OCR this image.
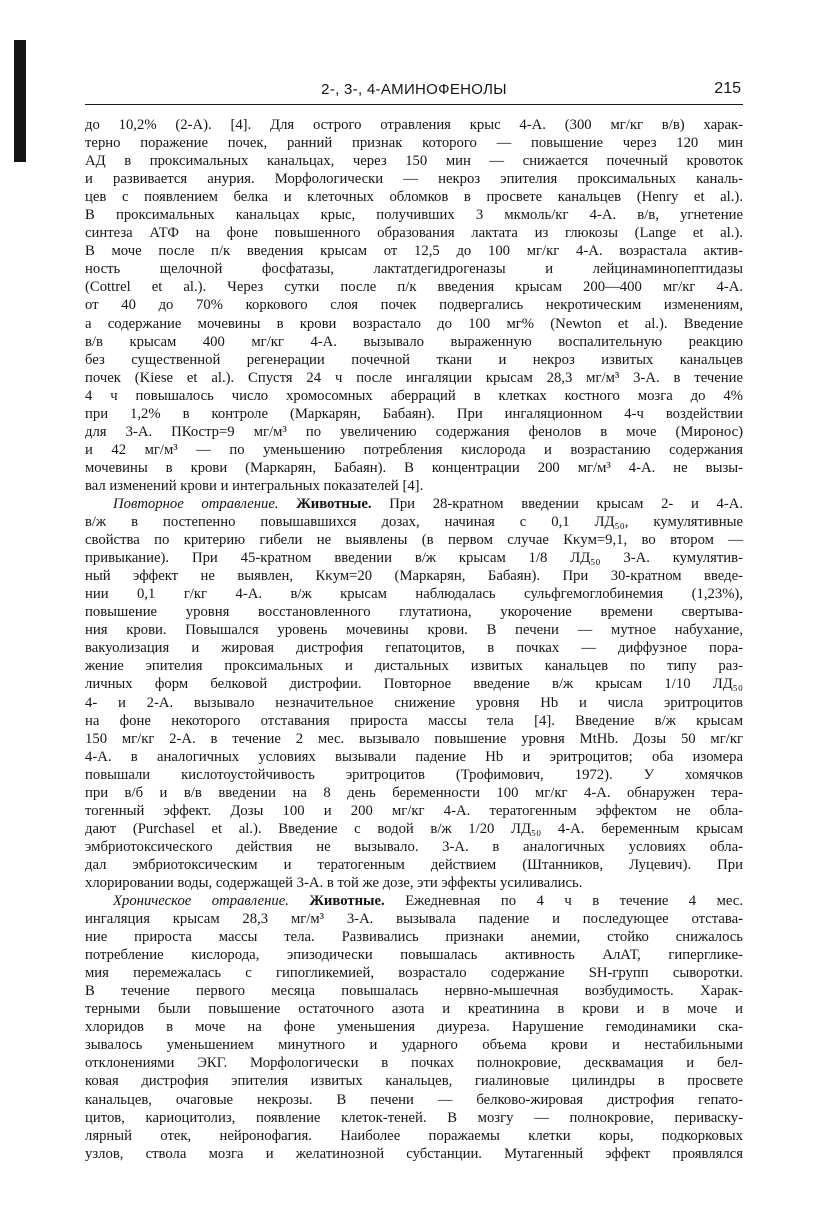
2-, 3-, 4-АМИНОФЕНОЛЫ	215
до 10,2% (2-А). [4]. Для острого отравления крыс 4-А. (300 мг/кг в/в) харак-
терно поражение почек, ранний признак которого — повышение через 120 мин
АД в проксимальных канальцах, через 150 мин — снижается почечный кровоток
и развивается анурия. Морфологически — некроз эпителия проксимальных каналь-
цев с появлением белка и клеточных обломков в просвете канальцев (Henry et al.).
В проксимальных канальцах крыс, получивших 3 мкмоль/кг 4-А. в/в, угнетение
синтеза АТФ на фоне повышенного образования лактата из глюкозы (Lange et al.).
В моче после п/к введения крысам от 12,5 до 100 мг/кг 4-А. возрастала актив-
ность щелочной фосфатазы, лактатдегидрогеназы и лейцинаминопептидазы
(Cottrel et al.). Через сутки после п/к введения крысам 200—400 мг/кг 4-А.
от 40 до 70% коркового слоя почек подвергались некротическим изменениям,
а содержание мочевины в крови возрастало до 100 мг% (Newton et al.). Введение
в/в крысам 400 мг/кг 4-А. вызывало выраженную воспалительную реакцию
без существенной регенерации почечной ткани и некроз извитых канальцев
почек (Kiese et al.). Спустя 24 ч после ингаляции крысам 28,3 мг/м³ 3-А. в течение
4 ч повышалось число хромосомных аберраций в клетках костного мозга до 4%
при 1,2% в контроле (Маркарян, Бабаян). При ингаляционном 4-ч воздействии
для 3-А. ПКостр=9 мг/м³ по увеличению содержания фенолов в моче (Миронос)
и 42 мг/м³ — по уменьшению потребления кислорода и возрастанию содержания
мочевины в крови (Маркарян, Бабаян). В концентрации 200 мг/м³ 4-А. не вызы-
вал изменений крови и интегральных показателей [4].
Повторное отравление. Животные. При 28-кратном введении крысам 2- и 4-А.
в/ж в постепенно повышавшихся дозах, начиная с 0,1 ЛД₅₀, кумулятивные
свойства по критерию гибели не выявлены (в первом случае Кκум=9,1, во втором —
привыкание). При 45-кратном введении в/ж крысам 1/8 ЛД₅₀ 3-А. кумулятив-
ный эффект не выявлен, Кκум=20 (Маркарян, Бабаян). При 30-кратном введе-
нии 0,1 г/кг 4-А. в/ж крысам наблюдалась сульфгемоглобинемия (1,23%),
повышение уровня восстановленного глутатиона, укорочение времени свертыва-
ния крови. Повышался уровень мочевины крови. В печени — мутное набухание,
вакуолизация и жировая дистрофия гепатоцитов, в почках — диффузное пора-
жение эпителия проксимальных и дистальных извитых канальцев по типу раз-
личных форм белковой дистрофии. Повторное введение в/ж крысам 1/10 ЛД₅₀
4- и 2-А. вызывало незначительное снижение уровня Hb и числа эритроцитов
на фоне некоторого отставания прироста массы тела [4]. Введение в/ж крысам
150 мг/кг 2-А. в течение 2 мес. вызывало повышение уровня MtHb. Дозы 50 мг/кг
4-А. в аналогичных условиях вызывали падение Hb и эритроцитов; оба изомера
повышали кислотоустойчивость эритроцитов (Трофимович, 1972). У хомячков
при в/б и в/в введении на 8 день беременности 100 мг/кг 4-А. обнаружен тера-
тогенный эффект. Дозы 100 и 200 мг/кг 4-А. тератогенным эффектом не обла-
дают (Purchasel et al.). Введение с водой в/ж 1/20 ЛД₅₀ 4-А. беременным крысам
эмбриотоксического действия не вызывало. 3-А. в аналогичных условиях обла-
дал эмбриотоксическим и тератогенным действием (Штанников, Луцевич). При
хлорировании воды, содержащей 3-А. в той же дозе, эти эффекты усиливались.
Хроническое отравление. Животные. Ежедневная по 4 ч в течение 4 мес.
ингаляция крысам 28,3 мг/м³ 3-А. вызывала падение и последующее отстава-
ние прироста массы тела. Развивались признаки анемии, стойко снижалось
потребление кислорода, эпизодически повышалась активность АлАТ, гипергликe-
мия перемежалась с гипогликемией, возрастало содержание SH-групп сыворотки.
В течение первого месяца повышалась нервно-мышечная возбудимость. Харак-
терными были повышение остаточного азота и креатинина в крови и в моче и
хлоридов в моче на фоне уменьшения диуреза. Нарушение гемодинамики ска-
зывалось уменьшением минутного и ударного объема крови и нестабильными
отклонениями ЭКГ. Морфологически в почках полнокровие, десквамация и бел-
ковая дистрофия эпителия извитых канальцев, гиалиновые цилиндры в просвете
канальцев, очаговые некрозы. В печени — белково-жировая дистрофия гепато-
цитов, кариоцитолиз, появление клеток-теней. В мозгу — полнокровие, периваску-
лярный отек, нейронофагия. Наиболее поражаемы клетки коры, подкорковых
узлов, ствола мозга и желатинозной субстанции. Мутагенный эффект проявлялся
